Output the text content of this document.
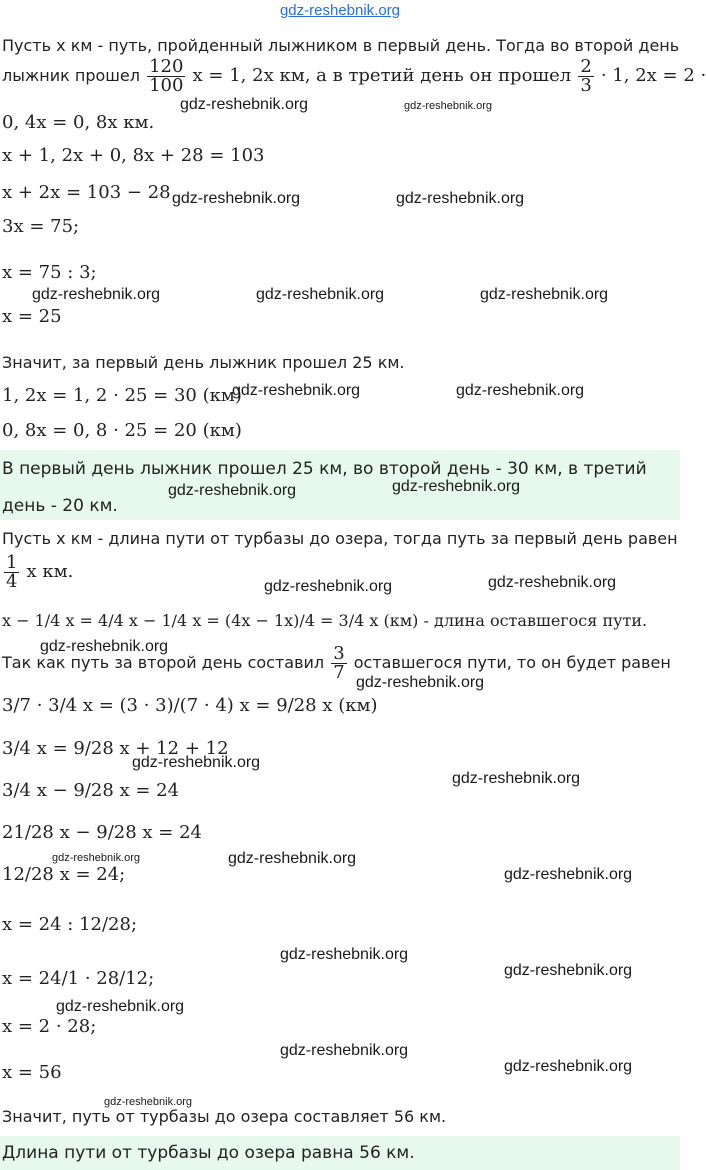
gdz-reshebnik.org
Пусть x км - путь, пройденный лыжником в первый день. Тогда во второй день
лыжник прошел $\frac{120}{100}$ x = 1, 2x км, а в третий день он прошел $\frac{2}{3} \cdot 1$, 2x = 2 ·
0, 4x = 0, 8x км.
x + 1, 2x + 0, 8x + 28 = 103
x + 2x = 103 − 28
3x = 75;
x = 75 : 3;
x = 25
Значит, за первый день лыжник прошел 25 км.
1, 2x = 1, 2 · 25 = 30 (км)
0, 8x = 0, 8 · 25 = 20 (км)
В первый день лыжник прошел 25 км, во второй день - 30 км, в третий
день - 20 км.
Пусть x км - длина пути от турбазы до озера, тогда путь за первый день равен
$\frac{1}{4}$ x км.
x − 1/4 x = 4/4 x − 1/4 x = (4x − 1x)/4 = 3/4 x (км) - длина оставшегося пути.
Так как путь за второй день составил $\frac{3}{7}$ оставшегося пути, то он будет равен
3/7 · 3/4 x = (3 · 3)/(7 · 4) x = 9/28 x (км)
3/4 x = 9/28 x + 12 + 12
3/4 x − 9/28 x = 24
21/28 x − 9/28 x = 24
12/28 x = 24;
x = 24 : 12/28;
x = 24/1 · 28/12;
x = 2 · 28;
x = 56
Значит, путь от турбазы до озера составляет 56 км.
Длина пути от турбазы до озера равна 56 км.
gdz-reshebnik.org	gdz-reshebnik.org
gdz-reshebnik.org	gdz-reshebnik.org
gdz-reshebnik.org	gdz-reshebnik.org	gdz-reshebnik.org
gdz-reshebnik.org	gdz-reshebnik.org
gdz-reshebnik.org	gdz-reshebnik.org
gdz-reshebnik.org	gdz-reshebnik.org
gdz-reshebnik.org
gdz-reshebnik.org
gdz-reshebnik.org
gdz-reshebnik.org
gdz-reshebnik.org	gdz-reshebnik.org
gdz-reshebnik.org
gdz-reshebnik.org
gdz-reshebnik.org
gdz-reshebnik.org
gdz-reshebnik.org
gdz-reshebnik.org
gdz-reshebnik.org
